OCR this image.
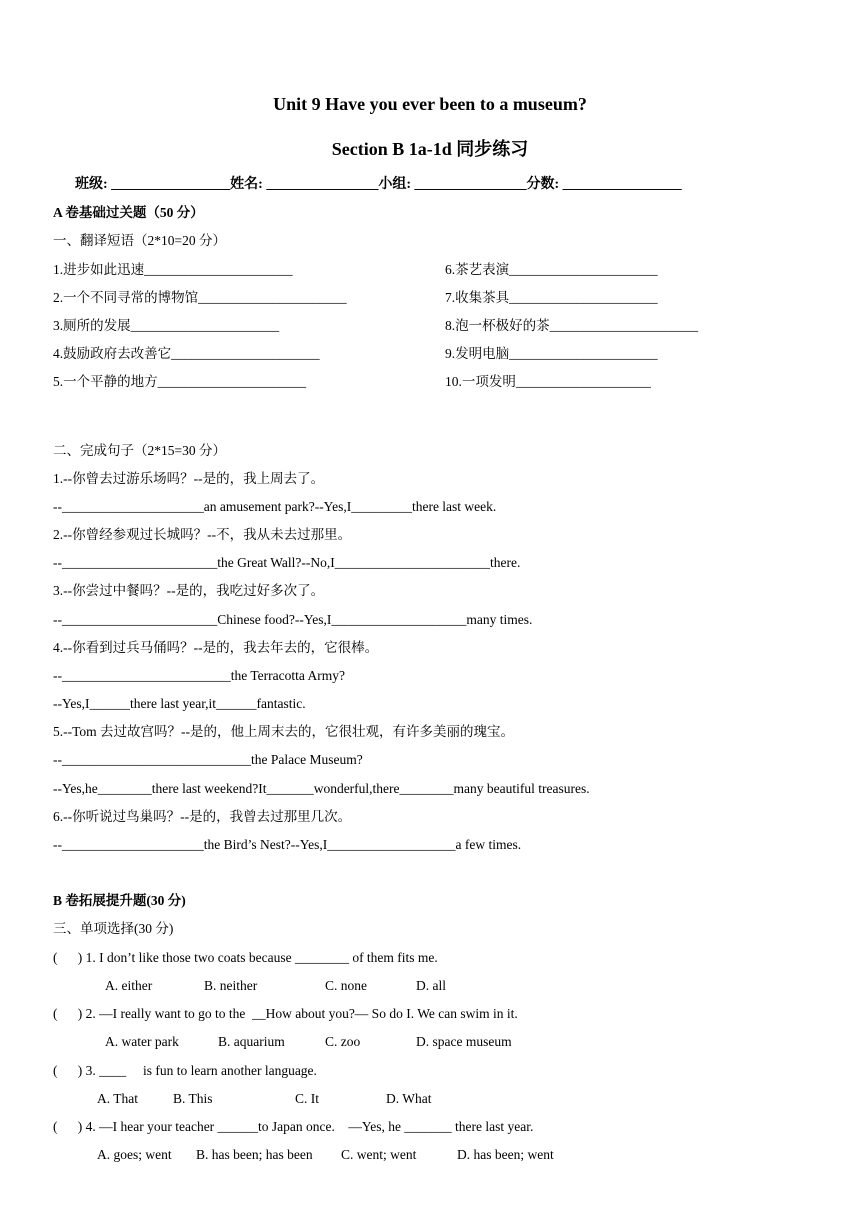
Unit 9 Have you ever been to a museum?
Section B 1a-1d 同步练习
班级: _________________姓名: ________________小组: ________________分数: _________________
A 卷基础过关题（50 分）
一、翻译短语（2*10=20 分）
1.进步如此迅速______________________
2.一个不同寻常的博物馆______________________
3.厕所的发展______________________
4.鼓励政府去改善它______________________
5.一个平静的地方______________________
6.茶艺表演______________________
7.收集茶具______________________
8.泡一杯极好的茶______________________
9.发明电脑______________________
10.一项发明____________________
二、完成句子（2*15=30 分）
1.--你曾去过游乐场吗？--是的，我上周去了。
--_____________________an amusement park?--Yes,I_________there last week.
2.--你曾经参观过长城吗？--不，我从未去过那里。
--_______________________the Great Wall?--No,I_______________________there.
3.--你尝过中餐吗？--是的，我吃过好多次了。
--_______________________Chinese food?--Yes,I____________________many times.
4.--你看到过兵马俑吗？--是的，我去年去的，它很棒。
--_________________________the Terracotta Army?
--Yes,I______there last year,it______fantastic.
5.--Tom 去过故宫吗？--是的，他上周末去的，它很壮观，有许多美丽的瑰宝。
--____________________________the Palace Museum?
--Yes,he________there last weekend?It_______wonderful,there________many beautiful treasures.
6.--你听说过鸟巢吗？--是的，我曾去过那里几次。
--_____________________the Bird’s Nest?--Yes,I___________________a few times.
B 卷拓展提升题(30 分)
三、单项选择(30 分)
(      ) 1. I don’t like those two coats because ________ of them fits me.
A. either	B. neither	C. none	D. all
(      ) 2. —I really want to go to the  __How about you?— So do I. We can swim in it.
A. water park	B. aquarium	C. zoo	D. space museum
(      ) 3. ____     is fun to learn another language.
A. That	B. This	C. It	D. What
(      ) 4. —I hear your teacher ______to Japan once.    —Yes, he _______ there last year.
A. goes; went B. has been; has been C. went; went	D. has been; went
